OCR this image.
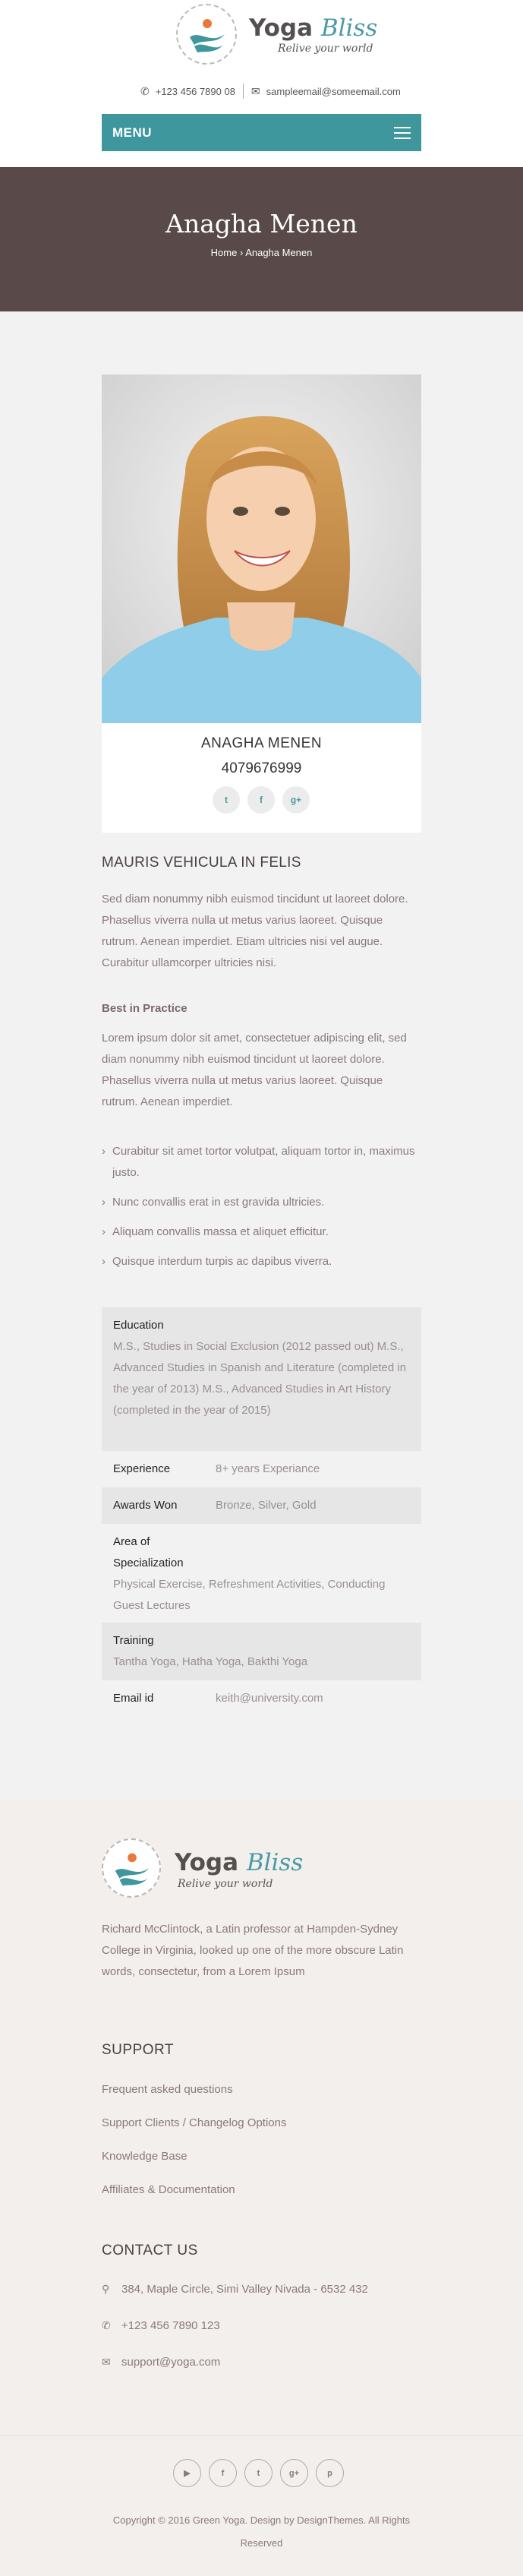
Yoga Bliss
Relive your world
✆ +123 456 7890 08 ✉ sampleemail@someemail.com
MENU
Anagha Menen
Home › Anagha Menen
ANAGHA MENEN
4079676999
t	f	g+
MAURIS VEHICULA IN FELIS
Sed diam nonummy nibh euismod tincidunt ut laoreet dolore. Phasellus viverra nulla ut metus varius laoreet. Quisque rutrum. Aenean imperdiet. Etiam ultricies nisi vel augue. Curabitur ullamcorper ultricies nisi.
Best in Practice
Lorem ipsum dolor sit amet, consectetuer adipiscing elit, sed diam nonummy nibh euismod tincidunt ut laoreet dolore. Phasellus viverra nulla ut metus varius laoreet. Quisque rutrum. Aenean imperdiet.
› Curabitur sit amet tortor volutpat, aliquam tortor in, maximus justo.
› Nunc convallis erat in est gravida ultricies.
› Aliquam convallis massa et aliquet efficitur.
› Quisque interdum turpis ac dapibus viverra.
Education
M.S., Studies in Social Exclusion (2012 passed out) M.S., Advanced Studies in Spanish and Literature (completed in the year of 2013) M.S., Advanced Studies in Art History (completed in the year of 2015)
Experience	8+ years Experiance
Awards Won	Bronze, Silver, Gold
Area of Specialization
Physical Exercise, Refreshment Activities, Conducting Guest Lectures
Training
Tantha Yoga, Hatha Yoga, Bakthi Yoga
Email id	keith@university.com
Yoga Bliss
Relive your world
Richard McClintock, a Latin professor at Hampden-Sydney College in Virginia, looked up one of the more obscure Latin words, consectetur, from a Lorem Ipsum
SUPPORT
Frequent asked questions
Support Clients / Changelog Options
Knowledge Base
Affiliates & Documentation
CONTACT US
⚲	384, Maple Circle, Simi Valley Nivada - 6532 432
✆ +123 456 7890 123
✉ support@yoga.com
▶	f	t	g+	p
Copyright © 2016 Green Yoga. Design by DesignThemes. All Rights Reserved
